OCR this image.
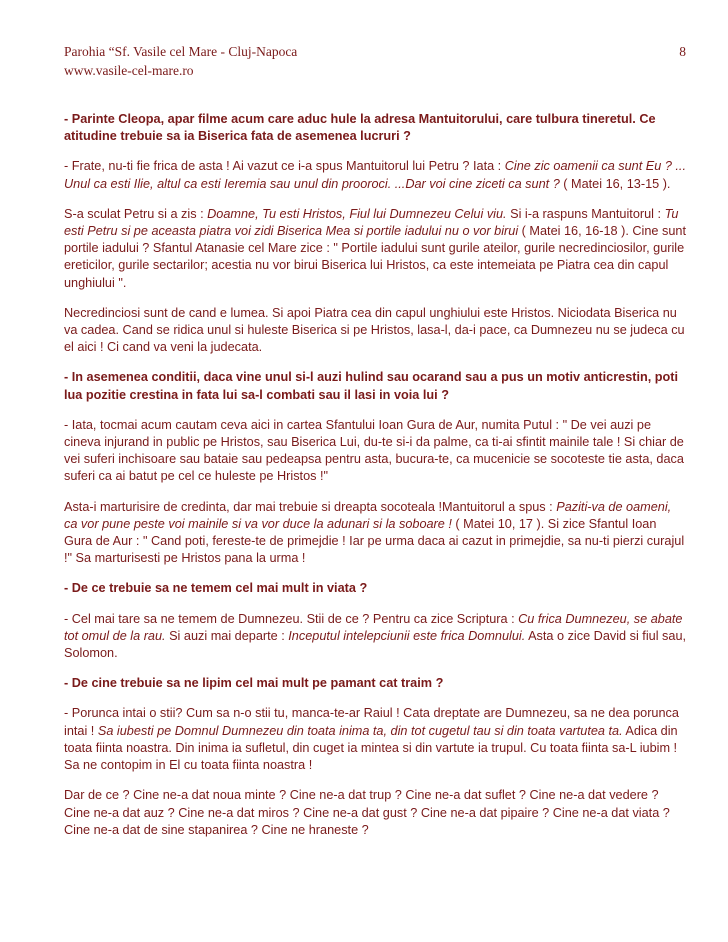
Parohia “Sf. Vasile cel Mare - Cluj-Napoca	8
www.vasile-cel-mare.ro

- Parinte Cleopa, apar filme acum care aduc hule la adresa Mantuitorului, care tulbura tineretul. Ce atitudine trebuie sa ia Biserica fata de asemenea lucruri ?

- Frate, nu-ti fie frica de asta ! Ai vazut ce i-a spus Mantuitorul lui Petru ? Iata : Cine zic oamenii ca sunt Eu ? ... Unul ca esti Ilie, altul ca esti Ieremia sau unul din prooroci. ...Dar voi cine ziceti ca sunt ? ( Matei 16, 13-15 ).

S-a sculat Petru si a zis : Doamne, Tu esti Hristos, Fiul lui Dumnezeu Celui viu. Si i-a raspuns Mantuitorul : Tu esti Petru si pe aceasta piatra voi zidi Biserica Mea si portile iadului nu o vor birui ( Matei 16, 16-18 ). Cine sunt portile iadului ? Sfantul Atanasie cel Mare zice : " Portile iadului sunt gurile ateilor, gurile necredinciosilor, gurile ereticilor, gurile sectarilor; acestia nu vor birui Biserica lui Hristos, ca este intemeiata pe Piatra cea din capul unghiului ".

Necredinciosi sunt de cand e lumea. Si apoi Piatra cea din capul unghiului este Hristos. Niciodata Biserica nu va cadea. Cand se ridica unul si huleste Biserica si pe Hristos, lasa-l, da-i pace, ca Dumnezeu nu se judeca cu el aici ! Ci cand va veni la judecata.

- In asemenea conditii, daca vine unul si-l auzi hulind sau ocarand sau a pus un motiv anticrestin, poti lua pozitie crestina in fata lui sa-l combati sau il lasi in voia lui ?

- Iata, tocmai acum cautam ceva aici in cartea Sfantului Ioan Gura de Aur, numita Putul : " De vei auzi pe cineva injurand in public pe Hristos, sau Biserica Lui, du-te si-i da palme, ca ti-ai sfintit mainile tale ! Si chiar de vei suferi inchisoare sau bataie sau pedeapsa pentru asta, bucura-te, ca mucenicie se socoteste tie asta, daca suferi ca ai batut pe cel ce huleste pe Hristos !"

Asta-i marturisire de credinta, dar mai trebuie si dreapta socoteala !Mantuitorul a spus : Paziti-va de oameni, ca vor pune peste voi mainile si va vor duce la adunari si la soboare ! ( Matei 10, 17 ). Si zice Sfantul Ioan Gura de Aur : " Cand poti, fereste-te de primejdie ! Iar pe urma daca ai cazut in primejdie, sa nu-ti pierzi curajul !" Sa marturisesti pe Hristos pana la urma !

- De ce trebuie sa ne temem cel mai mult in viata ?

- Cel mai tare sa ne temem de Dumnezeu. Stii de ce ? Pentru ca zice Scriptura : Cu frica Dumnezeu, se abate tot omul de la rau. Si auzi mai departe : Inceputul intelepciunii este frica Domnului. Asta o zice David si fiul sau, Solomon.

- De cine trebuie sa ne lipim cel mai mult pe pamant cat traim ?

- Porunca intai o stii? Cum sa n-o stii tu, manca-te-ar Raiul ! Cata dreptate are Dumnezeu, sa ne dea porunca intai ! Sa iubesti pe Domnul Dumnezeu din toata inima ta, din tot cugetul tau si din toata vartutea ta. Adica din toata fiinta noastra. Din inima ia sufletul, din cuget ia mintea si din vartute ia trupul. Cu toata fiinta sa-L iubim ! Sa ne contopim in El cu toata fiinta noastra !

Dar de ce ? Cine ne-a dat noua minte ? Cine ne-a dat trup ? Cine ne-a dat suflet ? Cine ne-a dat vedere ? Cine ne-a dat auz ? Cine ne-a dat miros ? Cine ne-a dat gust ? Cine ne-a dat pipaire ? Cine ne-a dat viata ? Cine ne-a dat de sine stapanirea ? Cine ne hraneste ?
